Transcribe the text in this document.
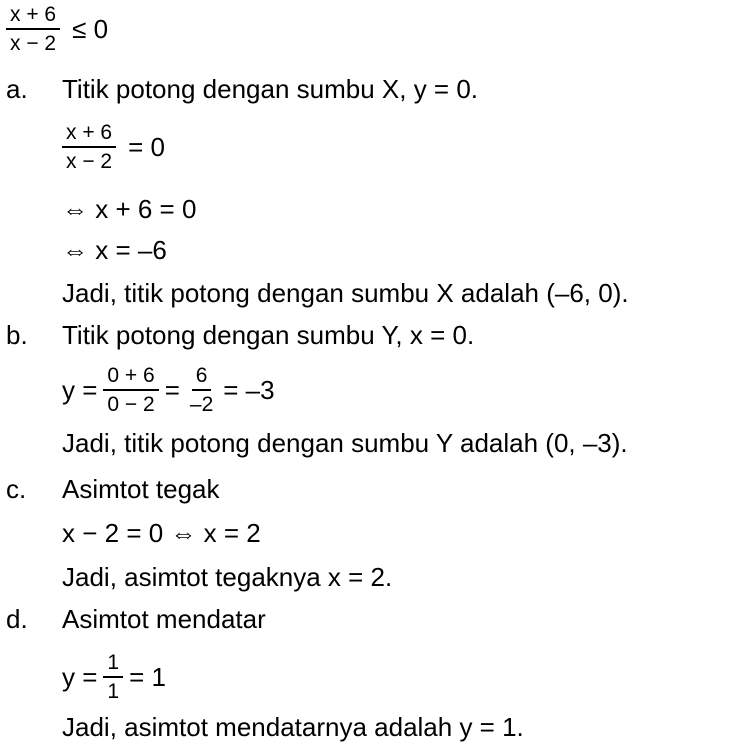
$\frac{x + 6}{x - 2} \le 0$
a. Titik potong dengan sumbu X, y = 0.
$\frac{x + 6}{x - 2} = 0$
⇔ x + 6 = 0
⇔ x = –6
Jadi, titik potong dengan sumbu X adalah (–6, 0).
b. Titik potong dengan sumbu Y, x = 0.
$y = \frac{0 + 6}{0 - 2} = \frac{6}{-2} = -3$
Jadi, titik potong dengan sumbu Y adalah (0, –3).
c. Asimtot tegak
x − 2 = 0 ⇔ x = 2
Jadi, asimtot tegaknya x = 2.
d. Asimtot mendatar
$y = \frac{1}{1} = 1$
Jadi, asimtot mendatarnya adalah y = 1.
